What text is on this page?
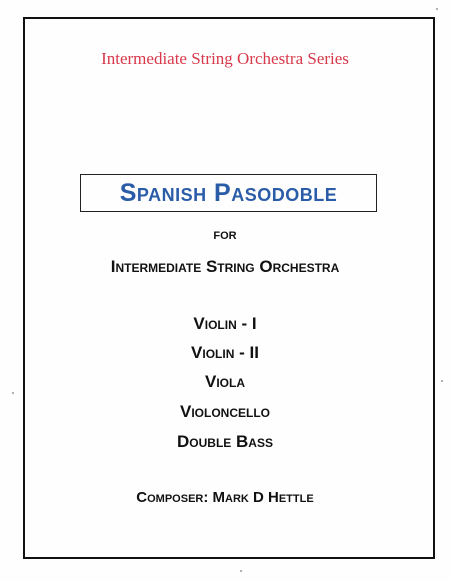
Intermediate String Orchestra Series
Spanish Pasodoble
for
Intermediate String Orchestra
Violin - I
Violin - II
Viola
Violoncello
Double Bass
Composer: Mark D Hettle
